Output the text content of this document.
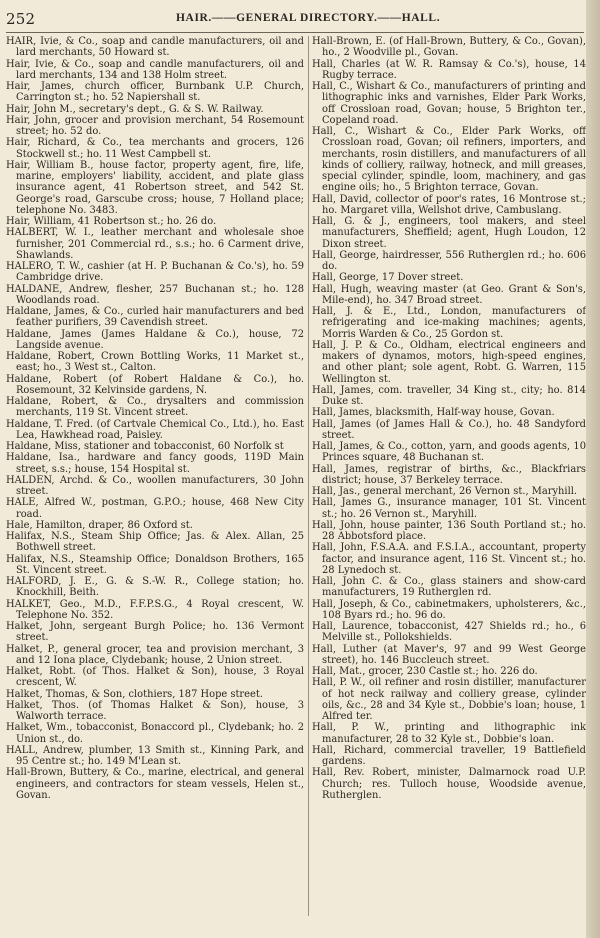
252	HAIR.——GENERAL DIRECTORY.——HALL.

HAIR, Ivie, & Co., soap and candle manufacturers, oil and lard merchants, 50 Howard st.

Hair, Ivie, & Co., soap and candle manufacturers, oil and lard merchants, 134 and 138 Holm street.

Hair, James, church officer, Burnbank U.P. Church, Carrington st.; ho. 52 Napiershall st.

Hair, John M., secretary's dept., G. & S. W. Railway.

Hair, John, grocer and provision merchant, 54 Rosemount street; ho. 52 do.

Hair, Richard, & Co., tea merchants and grocers, 126 Stockwell st.; ho. 11 West Campbell st.

Hair, William B., house factor, property agent, fire, life, marine, employers' liability, accident, and plate glass insurance agent, 41 Robertson street, and 542 St. George's road, Garscube cross; house, 7 Holland place; telephone No. 3483.

Hair, William, 41 Robertson st.; ho. 26 do.

HALBERT, W. I., leather merchant and wholesale shoe furnisher, 201 Commercial rd., s.s.; ho. 6 Carment drive, Shawlands.

HALERO, T. W., cashier (at H. P. Buchanan & Co.'s), ho. 59 Cambridge drive.

HALDANE, Andrew, flesher, 257 Buchanan st.; ho. 128 Woodlands road.

Haldane, James, & Co., curled hair manufacturers and bed feather purifiers, 39 Cavendish street.

Haldane, James (James Haldane & Co.), house, 72 Langside avenue.

Haldane, Robert, Crown Bottling Works, 11 Market st., east; ho., 3 West st., Calton.

Haldane, Robert (of Robert Haldane & Co.), ho. Rosemount, 32 Kelvinside gardens, N.

Haldane, Robert, & Co., drysalters and commission merchants, 119 St. Vincent street.

Haldane, T. Fred. (of Cartvale Chemical Co., Ltd.), ho. East Lea, Hawkhead road, Paisley.

Haldane, Miss, stationer and tobacconist, 60 Norfolk st

Haldane, Isa., hardware and fancy goods, 119D Main street, s.s.; house, 154 Hospital st.

HALDEN, Archd. & Co., woollen manufacturers, 30 John street.

HALE, Alfred W., postman, G.P.O.; house, 468 New City road.

Hale, Hamilton, draper, 86 Oxford st.

Halifax, N.S., Steam Ship Office; Jas. & Alex. Allan, 25 Bothwell street.

Halifax, N.S., Steamship Office; Donaldson Brothers, 165 St. Vincent street.

HALFORD, J. E., G. & S.-W. R., College station; ho. Knockhill, Beith.

HALKET, Geo., M.D., F.F.P.S.G., 4 Royal crescent, W. Telephone No. 352.

Halket, John, sergeant Burgh Police; ho. 136 Vermont street.

Halket, P., general grocer, tea and provision merchant, 3 and 12 Iona place, Clydebank; house, 2 Union street.

Halket, Robt. (of Thos. Halket & Son), house, 3 Royal crescent, W.

Halket, Thomas, & Son, clothiers, 187 Hope street.

Halket, Thos. (of Thomas Halket & Son), house, 3 Walworth terrace.

Halket, Wm., tobacconist, Bonaccord pl., Clydebank; ho. 2 Union st., do.

HALL, Andrew, plumber, 13 Smith st., Kinning Park, and 95 Centre st.; ho. 149 M'Lean st.

Hall-Brown, Buttery, & Co., marine, electrical, and general engineers, and contractors for steam vessels, Helen st., Govan.

Hall-Brown, E. (of Hall-Brown, Buttery, & Co., Govan), ho., 2 Woodville pl., Govan.

Hall, Charles (at W. R. Ramsay & Co.'s), house, 14 Rugby terrace.

Hall, C., Wishart & Co., manufacturers of printing and lithographic inks and varnishes, Elder Park Works, off Crossloan road, Govan; house, 5 Brighton ter., Copeland road.

Hall, C., Wishart & Co., Elder Park Works, off Crossloan road, Govan; oil refiners, importers, and merchants, rosin distillers, and manufacturers of all kinds of colliery, railway, hotneck, and mill greases, special cylinder, spindle, loom, machinery, and gas engine oils; ho., 5 Brighton terrace, Govan.

Hall, David, collector of poor's rates, 16 Montrose st.; ho. Margaret villa, Wellshot drive, Cambuslang.

Hall, G. & J., engineers, tool makers, and steel manufacturers, Sheffield; agent, Hugh Loudon, 12 Dixon street.

Hall, George, hairdresser, 556 Rutherglen rd.; ho. 606 do.

Hall, George, 17 Dover street.

Hall, Hugh, weaving master (at Geo. Grant & Son's, Mile-end), ho. 347 Broad street.

Hall, J. & E., Ltd., London, manufacturers of refrigerating and ice-making machines; agents, Morris Warden & Co., 25 Gordon st.

Hall, J. P. & Co., Oldham, electrical engineers and makers of dynamos, motors, high-speed engines, and other plant; sole agent, Robt. G. Warren, 115 Wellington st.

Hall, James, com. traveller, 34 King st., city; ho. 814 Duke st.

Hall, James, blacksmith, Half-way house, Govan.

Hall, James (of James Hall & Co.), ho. 48 Sandyford street.

Hall, James, & Co., cotton, yarn, and goods agents, 10 Princes square, 48 Buchanan st.

Hall, James, registrar of births, &c., Blackfriars district; house, 37 Berkeley terrace.

Hall, Jas., general merchant, 26 Vernon st., Maryhill.

Hall, James G., insurance manager, 101 St. Vincent st.; ho. 26 Vernon st., Maryhill.

Hall, John, house painter, 136 South Portland st.; ho. 28 Abbotsford place.

Hall, John, F.S.A.A. and F.S.I.A., accountant, property factor, and insurance agent, 116 St. Vincent st.; ho. 28 Lynedoch st.

Hall, John C. & Co., glass stainers and show-card manufacturers, 19 Rutherglen rd.

Hall, Joseph, & Co., cabinetmakers, upholsterers, &c., 108 Byars rd.; ho. 96 do.

Hall, Laurence, tobacconist, 427 Shields rd.; ho., 6 Melville st., Pollokshields.

Hall, Luther (at Maver's, 97 and 99 West George street), ho. 146 Buccleuch street.

Hall, Mat., grocer, 230 Castle st.; ho. 226 do.

Hall, P. W., oil refiner and rosin distiller, manufacturer of hot neck railway and colliery grease, cylinder oils, &c., 28 and 34 Kyle st., Dobbie's loan; house, 1 Alfred ter.

Hall, P. W., printing and lithographic ink manufacturer, 28 to 32 Kyle st., Dobbie's loan.

Hall, Richard, commercial traveller, 19 Battlefield gardens.

Hall, Rev. Robert, minister, Dalmarnock road U.P. Church; res. Tulloch house, Woodside avenue, Rutherglen.
